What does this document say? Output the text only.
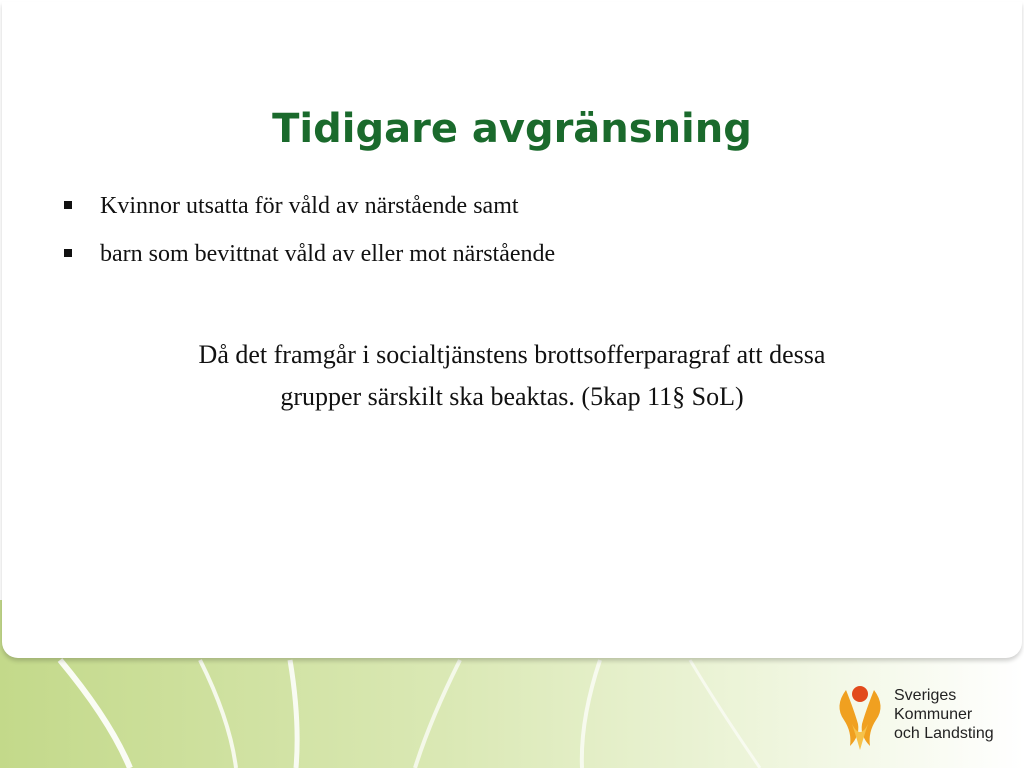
Tidigare avgränsning
Kvinnor utsatta för våld av närstående samt
barn som bevittnat våld av eller mot närstående

Då det framgår i socialtjänstens brottsofferparagraf att dessa
grupper särskilt ska beaktas. (5kap 11§ SoL)

Sveriges
Kommuner
och Landsting
